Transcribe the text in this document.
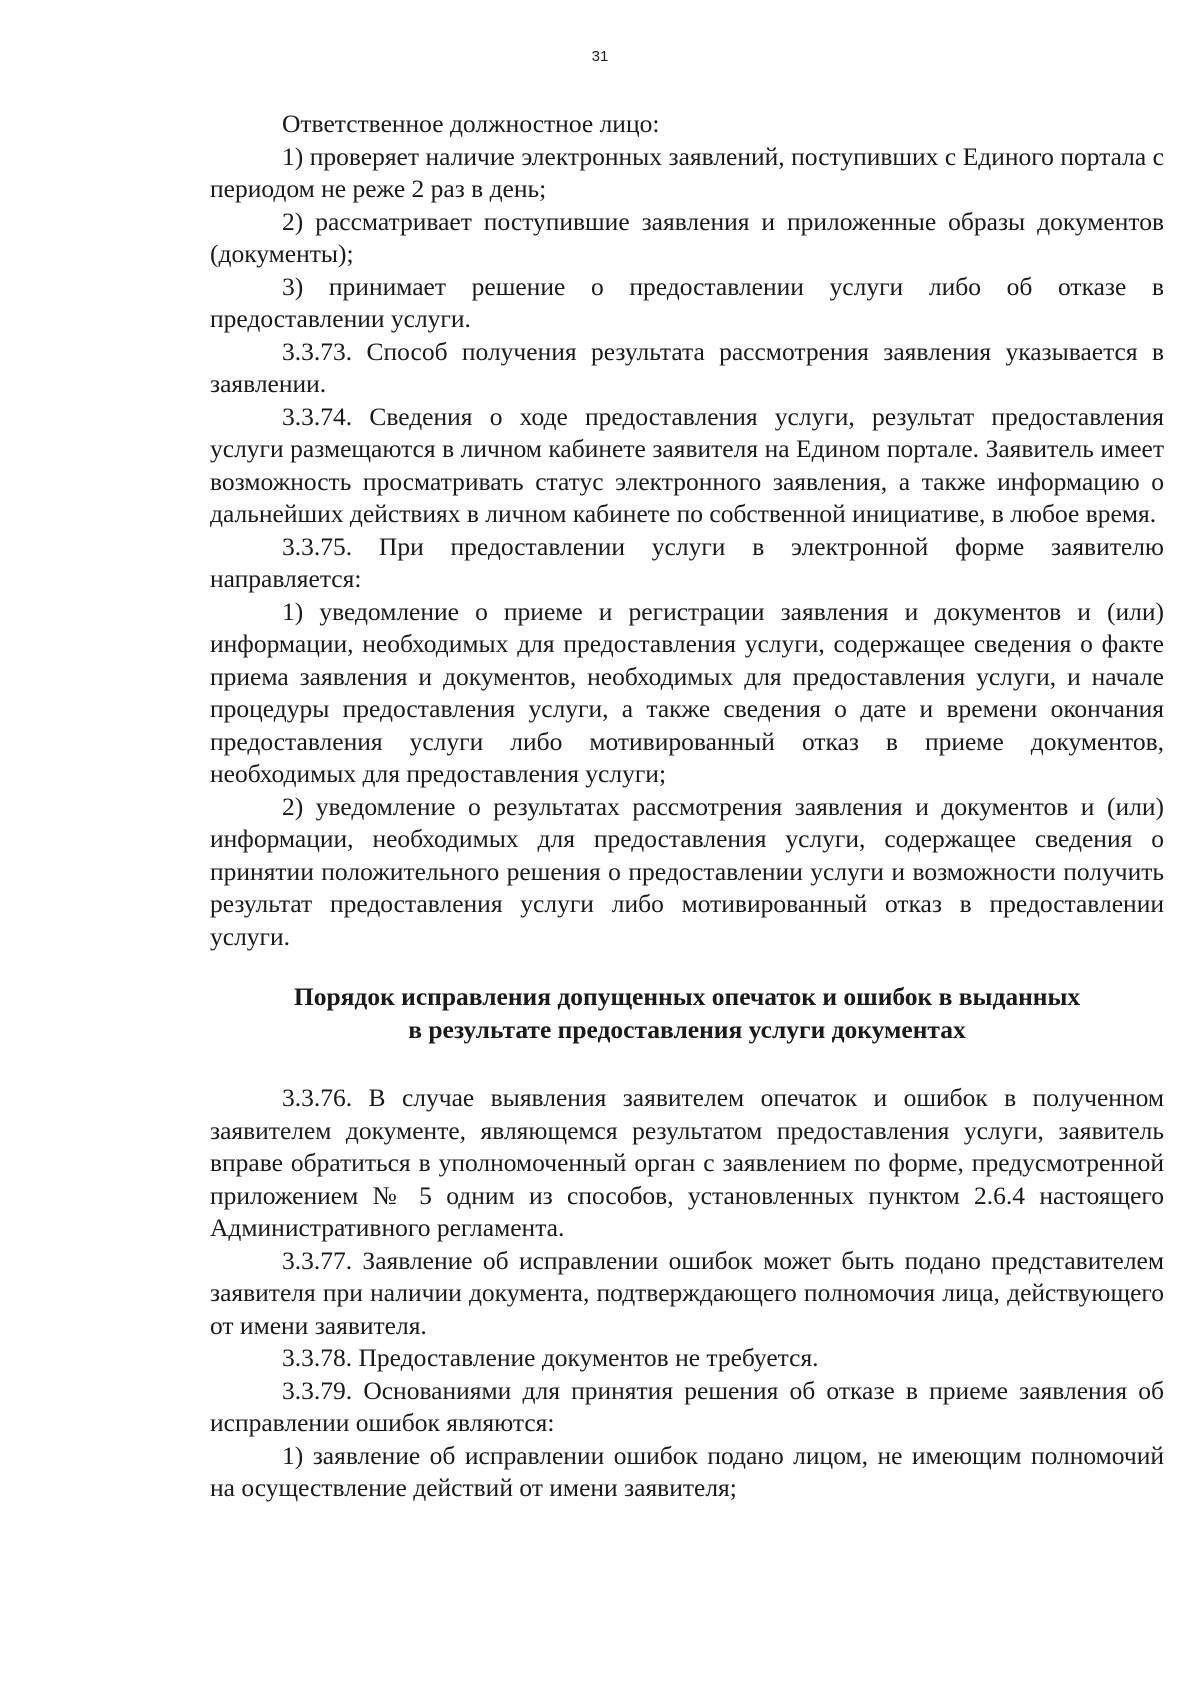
31

Ответственное должностное лицо:

1) проверяет наличие электронных заявлений, поступивших с Единого портала с периодом не реже 2 раз в день;

2) рассматривает поступившие заявления и приложенные образы документов (документы);

3) принимает решение о предоставлении услуги либо об отказе в предоставлении услуги.

3.3.73. Способ получения результата рассмотрения заявления указывается в заявлении.

3.3.74. Сведения о ходе предоставления услуги, результат предоставления услуги размещаются в личном кабинете заявителя на Едином портале. Заявитель имеет возможность просматривать статус электронного заявления, а также информацию о дальнейших действиях в личном кабинете по собственной инициативе, в любое время.

3.3.75. При предоставлении услуги в электронной форме заявителю направляется:

1) уведомление о приеме и регистрации заявления и документов и (или) информации, необходимых для предоставления услуги, содержащее сведения о факте приема заявления и документов, необходимых для предоставления услуги, и начале процедуры предоставления услуги, а также сведения о дате и времени окончания предоставления услуги либо мотивированный отказ в приеме документов, необходимых для предоставления услуги;

2) уведомление о результатах рассмотрения заявления и документов и (или) информации, необходимых для предоставления услуги, содержащее сведения о принятии положительного решения о предоставлении услуги и возможности получить результат предоставления услуги либо мотивированный отказ в предоставлении услуги.

Порядок исправления допущенных опечаток и ошибок в выданных
в результате предоставления услуги документах

3.3.76. В случае выявления заявителем опечаток и ошибок в полученном заявителем документе, являющемся результатом предоставления услуги, заявитель вправе обратиться в уполномоченный орган с заявлением по форме, предусмотренной приложением № 5 одним из способов, установленных пунктом 2.6.4 настоящего Административного регламента.

3.3.77. Заявление об исправлении ошибок может быть подано представителем заявителя при наличии документа, подтверждающего полномочия лица, действующего от имени заявителя.

3.3.78. Предоставление документов не требуется.

3.3.79. Основаниями для принятия решения об отказе в приеме заявления об исправлении ошибок являются:

1) заявление об исправлении ошибок подано лицом, не имеющим полномочий на осуществление действий от имени заявителя;
